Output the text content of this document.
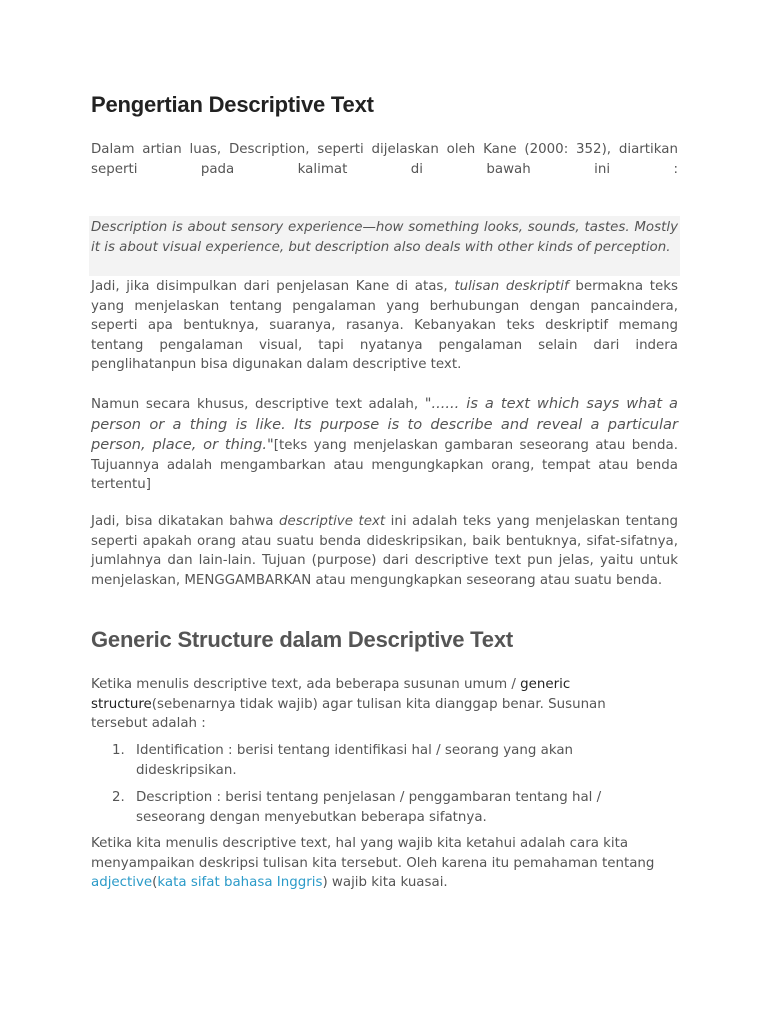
Pengertian Descriptive Text

Dalam artian luas, Description, seperti dijelaskan oleh Kane (2000: 352), diartikan

seperti pada kalimat di bawah ini :

Description is about sensory experience—how something looks, sounds, tastes. Mostly it is about visual experience, but description also deals with other kinds of perception.

Jadi, jika disimpulkan dari penjelasan Kane di atas, tulisan deskriptif bermakna teks yang menjelaskan tentang pengalaman yang berhubungan dengan pancaindera, seperti apa bentuknya, suaranya, rasanya. Kebanyakan teks deskriptif memang tentang pengalaman visual, tapi nyatanya pengalaman selain dari indera penglihatanpun bisa digunakan dalam descriptive text.

Namun secara khusus, descriptive text adalah, "...... is a text which says what a person or a thing is like. Its purpose is to describe and reveal a particular person, place, or thing."[teks yang menjelaskan gambaran seseorang atau benda. Tujuannya adalah mengambarkan atau mengungkapkan orang, tempat atau benda tertentu]

Jadi, bisa dikatakan bahwa descriptive text ini adalah teks yang menjelaskan tentang seperti apakah orang atau suatu benda dideskripsikan, baik bentuknya, sifat-sifatnya, jumlahnya dan lain-lain. Tujuan (purpose) dari descriptive text pun jelas, yaitu untuk menjelaskan, MENGGAMBARKAN atau mengungkapkan seseorang atau suatu benda.

Generic Structure dalam Descriptive Text

Ketika menulis descriptive text, ada beberapa susunan umum / generic structure(sebenarnya tidak wajib) agar tulisan kita dianggap benar. Susunan tersebut adalah :

1. Identification : berisi tentang identifikasi hal / seorang yang akan dideskripsikan.
2. Description : berisi tentang penjelasan / penggambaran tentang hal / seseorang dengan menyebutkan beberapa sifatnya.

Ketika kita menulis descriptive text, hal yang wajib kita ketahui adalah cara kita menyampaikan deskripsi tulisan kita tersebut. Oleh karena itu pemahaman tentang adjective(kata sifat bahasa Inggris) wajib kita kuasai.
